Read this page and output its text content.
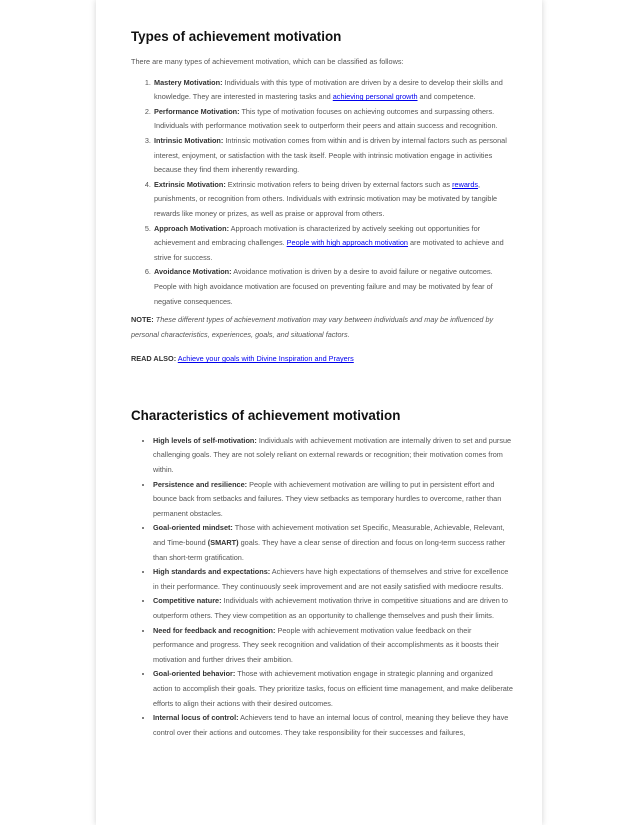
Types of achievement motivation

There are many types of achievement motivation, which can be classified as follows:

1. Mastery Motivation: Individuals with this type of motivation are driven by a desire to develop their skills and knowledge. They are interested in mastering tasks and achieving personal growth and competence.
2. Performance Motivation: This type of motivation focuses on achieving outcomes and surpassing others. Individuals with performance motivation seek to outperform their peers and attain success and recognition.
3. Intrinsic Motivation: Intrinsic motivation comes from within and is driven by internal factors such as personal interest, enjoyment, or satisfaction with the task itself. People with intrinsic motivation engage in activities because they find them inherently rewarding.
4. Extrinsic Motivation: Extrinsic motivation refers to being driven by external factors such as rewards, punishments, or recognition from others. Individuals with extrinsic motivation may be motivated by tangible rewards like money or prizes, as well as praise or approval from others.
5. Approach Motivation: Approach motivation is characterized by actively seeking out opportunities for achievement and embracing challenges. People with high approach motivation are motivated to achieve and strive for success.
6. Avoidance Motivation: Avoidance motivation is driven by a desire to avoid failure or negative outcomes. People with high avoidance motivation are focused on preventing failure and may be motivated by fear of negative consequences.

NOTE: These different types of achievement motivation may vary between individuals and may be influenced by personal characteristics, experiences, goals, and situational factors.

READ ALSO: Achieve your goals with Divine Inspiration and Prayers

Characteristics of achievement motivation
• High levels of self-motivation: Individuals with achievement motivation are internally driven to set and pursue challenging goals. They are not solely reliant on external rewards or recognition; their motivation comes from within.
• Persistence and resilience: People with achievement motivation are willing to put in persistent effort and bounce back from setbacks and failures. They view setbacks as temporary hurdles to overcome, rather than permanent obstacles.
• Goal-oriented mindset: Those with achievement motivation set Specific, Measurable, Achievable, Relevant, and Time-bound (SMART) goals. They have a clear sense of direction and focus on long-term success rather than short-term gratification.
• High standards and expectations: Achievers have high expectations of themselves and strive for excellence in their performance. They continuously seek improvement and are not easily satisfied with mediocre results.
• Competitive nature: Individuals with achievement motivation thrive in competitive situations and are driven to outperform others. They view competition as an opportunity to challenge themselves and push their limits.
• Need for feedback and recognition: People with achievement motivation value feedback on their performance and progress. They seek recognition and validation of their accomplishments as it boosts their motivation and further drives their ambition.
• Goal-oriented behavior: Those with achievement motivation engage in strategic planning and organized action to accomplish their goals. They prioritize tasks, focus on efficient time management, and make deliberate efforts to align their actions with their desired outcomes.
• Internal locus of control: Achievers tend to have an internal locus of control, meaning they believe they have control over their actions and outcomes. They take responsibility for their successes and failures,
